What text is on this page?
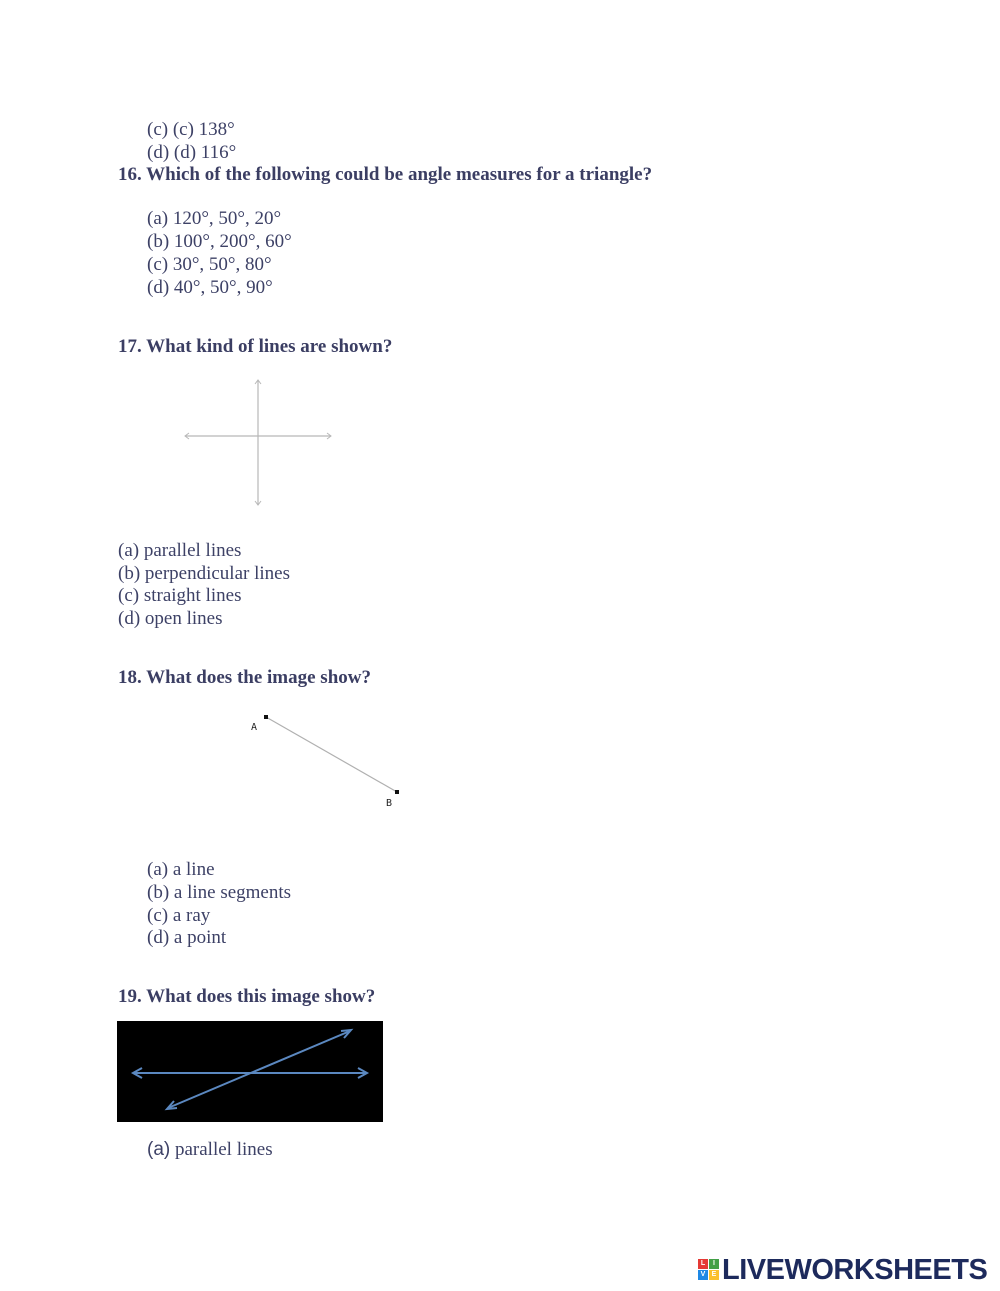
(c) (c) 138°
(d) (d) 116°
16. Which of the following could be angle measures for a triangle?
(a) 120°, 50°, 20°
(b) 100°, 200°, 60°
(c) 30°, 50°, 80°
(d) 40°, 50°, 90°
17. What kind of lines are shown?
(a) parallel lines
(b) perpendicular lines
(c) straight lines
(d) open lines
18. What does the image show?
A
B
(a) a line
(b) a line segments
(c) a ray
(d) a point
19. What does this image show?
(a) parallel lines
L	I
V E LIVEWORKSHEETS
